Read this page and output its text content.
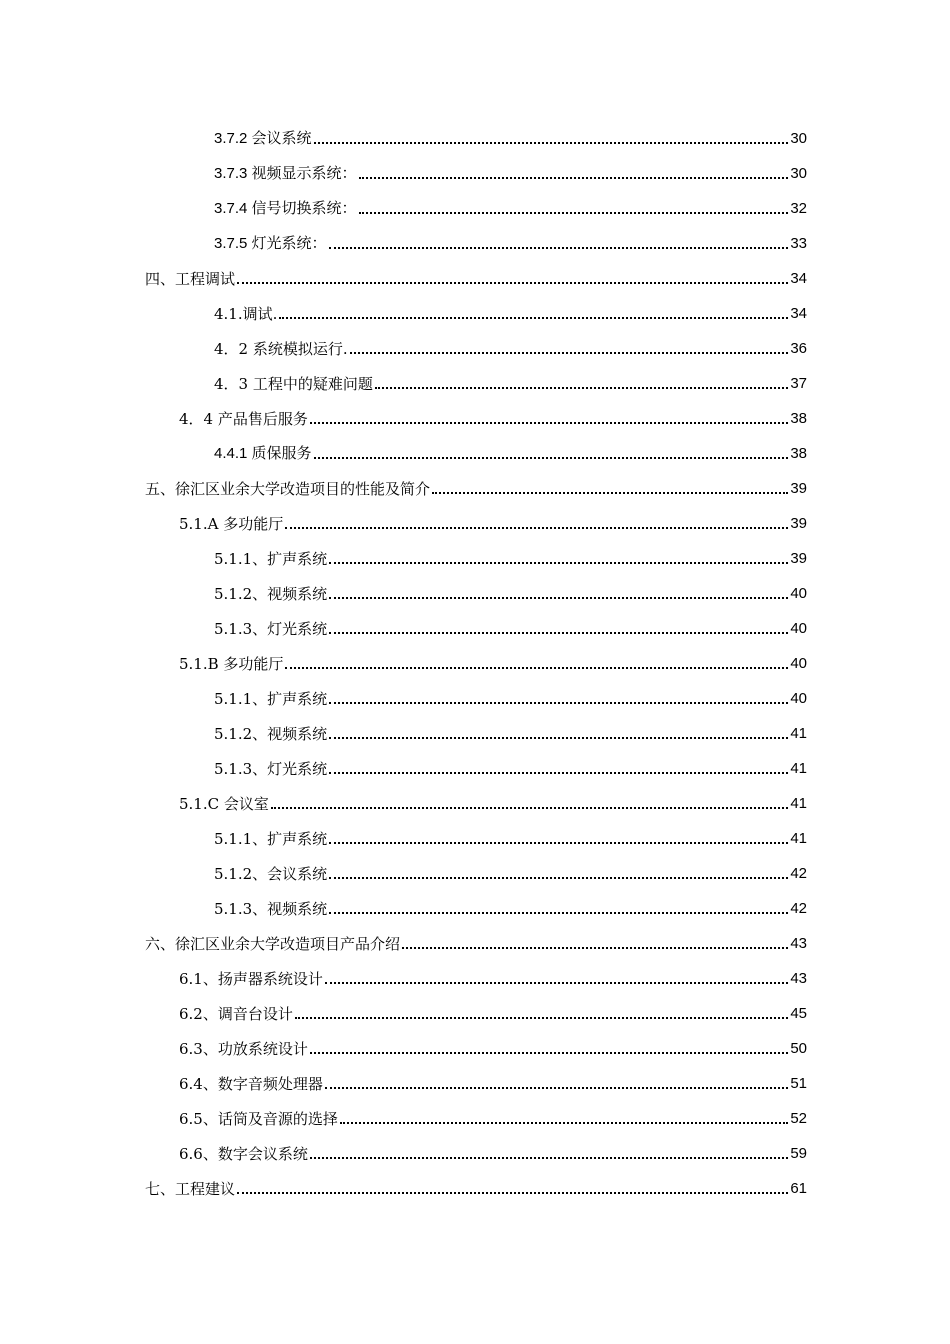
3.7.2 会议系统	30
3.7.3 视频显示系统：	30
3.7.4 信号切换系统：	32
3.7.5 灯光系统：	33
四、工程调试	34
4.1.调试.	34
4．2 系统模拟运行.	36
4．3 工程中的疑难问题	37
4．4 产品售后服务	38
4.4.1 质保服务	38
五、徐汇区业余大学改造项目的性能及简介	39
5.1.A 多功能厅	39
5.1.1、扩声系统	39
5.1.2、视频系统	40
5.1.3、灯光系统	40
5.1.B 多功能厅	40
5.1.1、扩声系统	40
5.1.2、视频系统	41
5.1.3、灯光系统	41
5.1.C 会议室	41
5.1.1、扩声系统	41
5.1.2、会议系统	42
5.1.3、视频系统	42
六、徐汇区业余大学改造项目产品介绍	43
6.1、扬声器系统设计	43
6.2、调音台设计	45
6.3、功放系统设计	50
6.4、数字音频处理器	51
6.5、话筒及音源的选择	52
6.6、数字会议系统	59
七、工程建议	61
